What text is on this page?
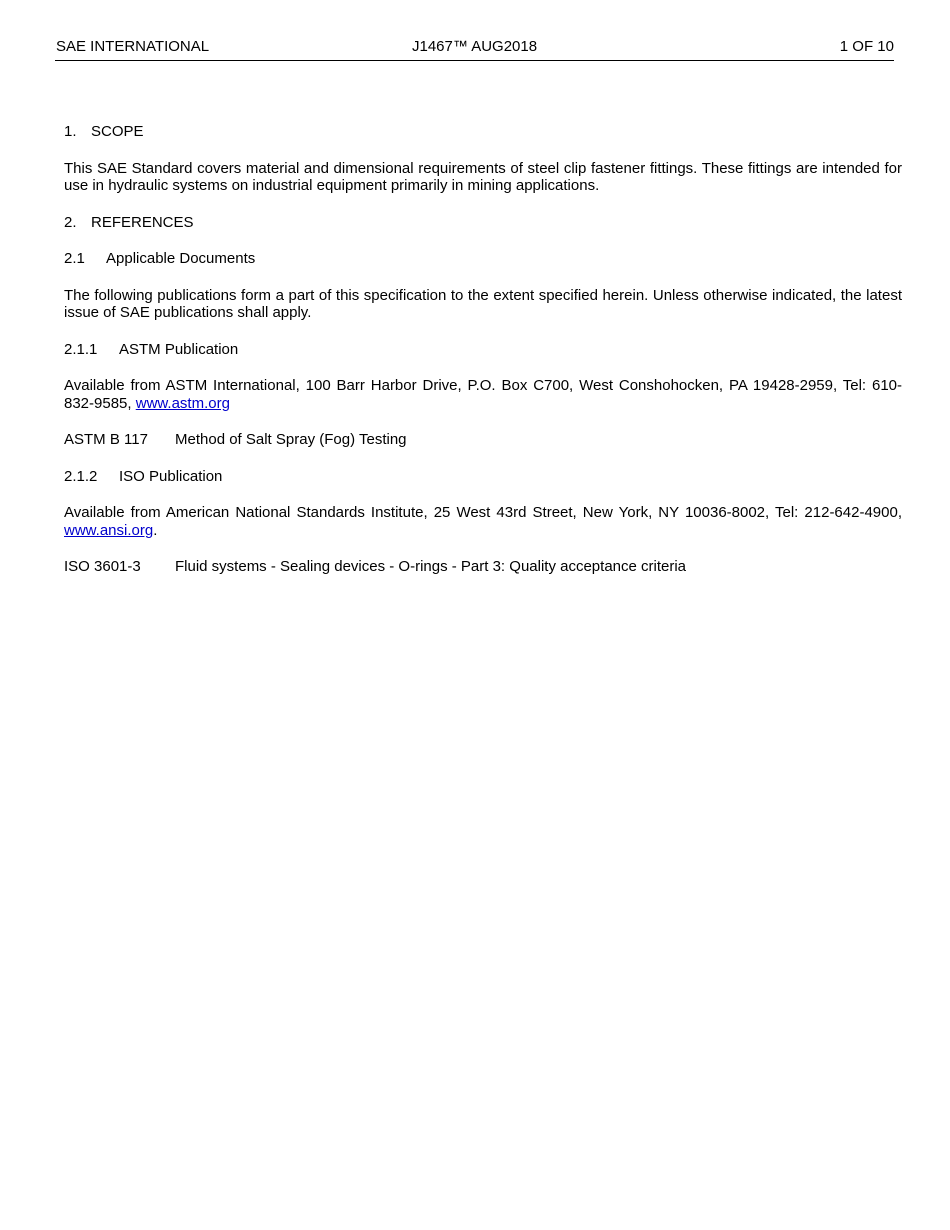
SAE INTERNATIONAL	J1467™ AUG2018	1 OF 10
1. SCOPE

This SAE Standard covers material and dimensional requirements of steel clip fastener fittings. These fittings are intended for use in hydraulic systems on industrial equipment primarily in mining applications.

2. REFERENCES
2.1 Applicable Documents

The following publications form a part of this specification to the extent specified herein. Unless otherwise indicated, the latest issue of SAE publications shall apply.

2.1.1 ASTM Publication

Available from ASTM International, 100 Barr Harbor Drive, P.O. Box C700, West Conshohocken, PA 19428-2959, Tel: 610-832-9585, www.astm.org

ASTM B 117 Method of Salt Spray (Fog) Testing
2.1.2 ISO Publication

Available from American National Standards Institute, 25 West 43rd Street, New York, NY 10036-8002, Tel: 212-642-4900, www.ansi.org.

ISO 3601-3 Fluid systems - Sealing devices - O-rings - Part 3: Quality acceptance criteria
